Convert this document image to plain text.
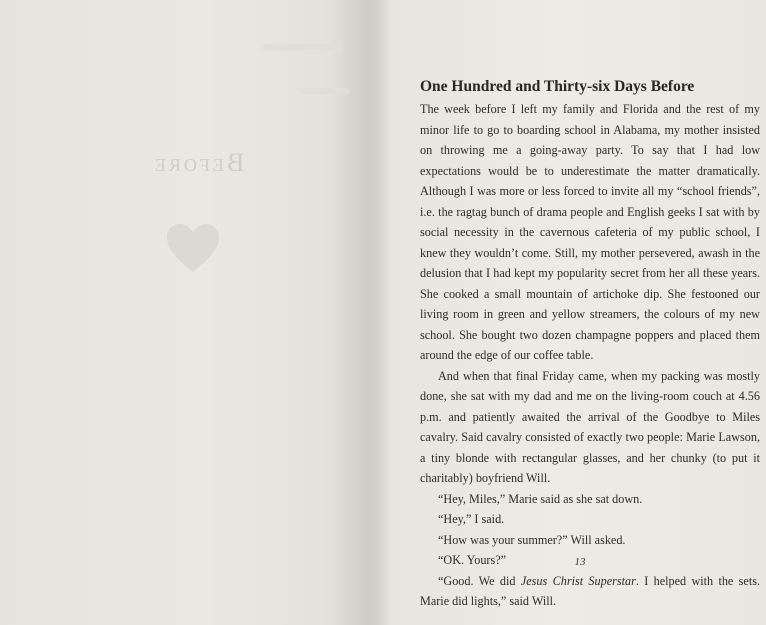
Before
One Hundred and Thirty-six Days Before

The week before I left my family and Florida and the rest of my minor life to go to boarding school in Alabama, my mother insisted on throwing me a going-away party. To say that I had low expectations would be to underestimate the matter dramatically. Although I was more or less forced to invite all my “school friends”, i.e. the ragtag bunch of drama people and English geeks I sat with by social necessity in the cavernous cafeteria of my public school, I knew they wouldn’t come. Still, my mother persevered, awash in the delusion that I had kept my popularity secret from her all these years. She cooked a small mountain of artichoke dip. She festooned our living room in green and yellow streamers, the colours of my new school. She bought two dozen champagne poppers and placed them around the edge of our coffee table.

And when that final Friday came, when my packing was mostly done, she sat with my dad and me on the living-room couch at 4.56 p.m. and patiently awaited the arrival of the Goodbye to Miles cavalry. Said cavalry consisted of exactly two people: Marie Lawson, a tiny blonde with rectangular glasses, and her chunky (to put it charitably) boyfriend Will.

“Hey, Miles,” Marie said as she sat down.

“Hey,” I said.

“How was your summer?” Will asked.

“OK. Yours?”

“Good. We did Jesus Christ Superstar. I helped with the sets. Marie did lights,” said Will.

13
